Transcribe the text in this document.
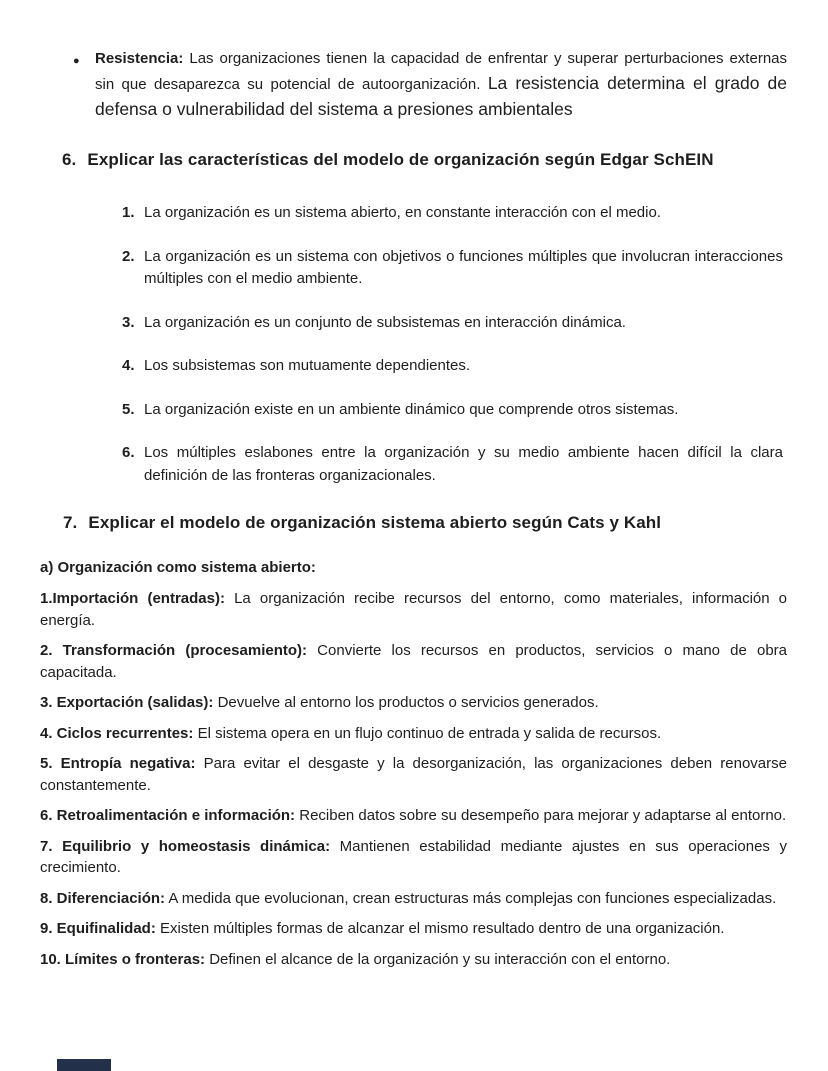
● Resistencia: Las organizaciones tienen la capacidad de enfrentar y superar perturbaciones externas sin que desaparezca su potencial de autoorganización. La resistencia determina el grado de defensa o vulnerabilidad del sistema a presiones ambientales
6. Explicar las características del modelo de organización según Edgar SchEIN
1. La organización es un sistema abierto, en constante interacción con el medio.
2. La organización es un sistema con objetivos o funciones múltiples que involucran interacciones múltiples con el medio ambiente.
3. La organización es un conjunto de subsistemas en interacción dinámica.
4. Los subsistemas son mutuamente dependientes.
5. La organización existe en un ambiente dinámico que comprende otros sistemas.
6. Los múltiples eslabones entre la organización y su medio ambiente hacen difícil la clara definición de las fronteras organizacionales.
7. Explicar el modelo de organización sistema abierto según Cats y Kahl
a) Organización como sistema abierto:

1.Importación (entradas): La organización recibe recursos del entorno, como materiales, información o energía.

2. Transformación (procesamiento): Convierte los recursos en productos, servicios o mano de obra capacitada.

3. Exportación (salidas): Devuelve al entorno los productos o servicios generados.

4. Ciclos recurrentes: El sistema opera en un flujo continuo de entrada y salida de recursos.

5. Entropía negativa: Para evitar el desgaste y la desorganización, las organizaciones deben renovarse constantemente.

6. Retroalimentación e información: Reciben datos sobre su desempeño para mejorar y adaptarse al entorno.

7. Equilibrio y homeostasis dinámica: Mantienen estabilidad mediante ajustes en sus operaciones y crecimiento.

8. Diferenciación: A medida que evolucionan, crean estructuras más complejas con funciones especializadas.

9. Equifinalidad: Existen múltiples formas de alcanzar el mismo resultado dentro de una organización.

10. Límites o fronteras: Definen el alcance de la organización y su interacción con el entorno.
